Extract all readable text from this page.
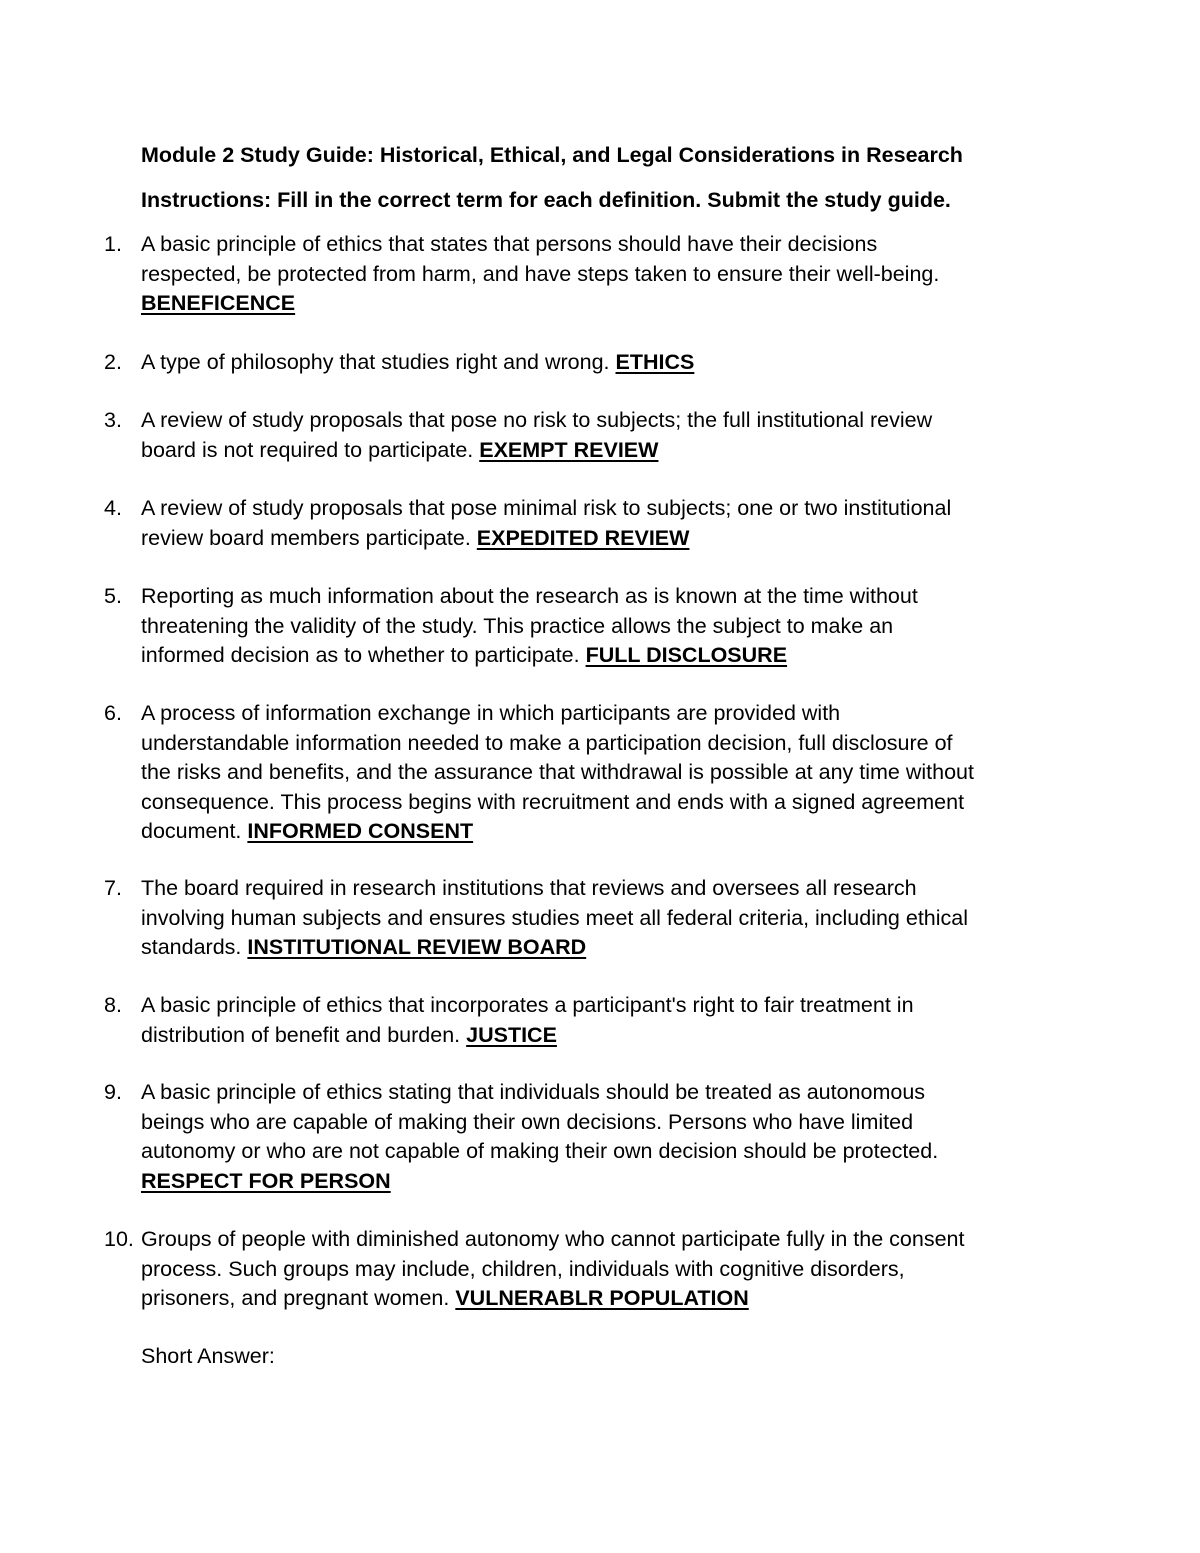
Module 2 Study Guide: Historical, Ethical, and Legal Considerations in Research
Instructions: Fill in the correct term for each definition. Submit the study guide.
1. A basic principle of ethics that states that persons should have their decisions
respected, be protected from harm, and have steps taken to ensure their well-being.
BENEFICENCE
2. A type of philosophy that studies right and wrong. ETHICS
3. A review of study proposals that pose no risk to subjects; the full institutional review
board is not required to participate. EXEMPT REVIEW
4. A review of study proposals that pose minimal risk to subjects; one or two institutional
review board members participate. EXPEDITED REVIEW
5. Reporting as much information about the research as is known at the time without
threatening the validity of the study. This practice allows the subject to make an
informed decision as to whether to participate. FULL DISCLOSURE
6. A process of information exchange in which participants are provided with
understandable information needed to make a participation decision, full disclosure of
the risks and benefits, and the assurance that withdrawal is possible at any time without
consequence. This process begins with recruitment and ends with a signed agreement
document. INFORMED CONSENT
7. The board required in research institutions that reviews and oversees all research
involving human subjects and ensures studies meet all federal criteria, including ethical
standards. INSTITUTIONAL REVIEW BOARD
8. A basic principle of ethics that incorporates a participant's right to fair treatment in
distribution of benefit and burden. JUSTICE
9. A basic principle of ethics stating that individuals should be treated as autonomous
beings who are capable of making their own decisions. Persons who have limited
autonomy or who are not capable of making their own decision should be protected.
RESPECT FOR PERSON
10. Groups of people with diminished autonomy who cannot participate fully in the consent
process. Such groups may include, children, individuals with cognitive disorders,
prisoners, and pregnant women. VULNERABLR POPULATION
Short Answer:
